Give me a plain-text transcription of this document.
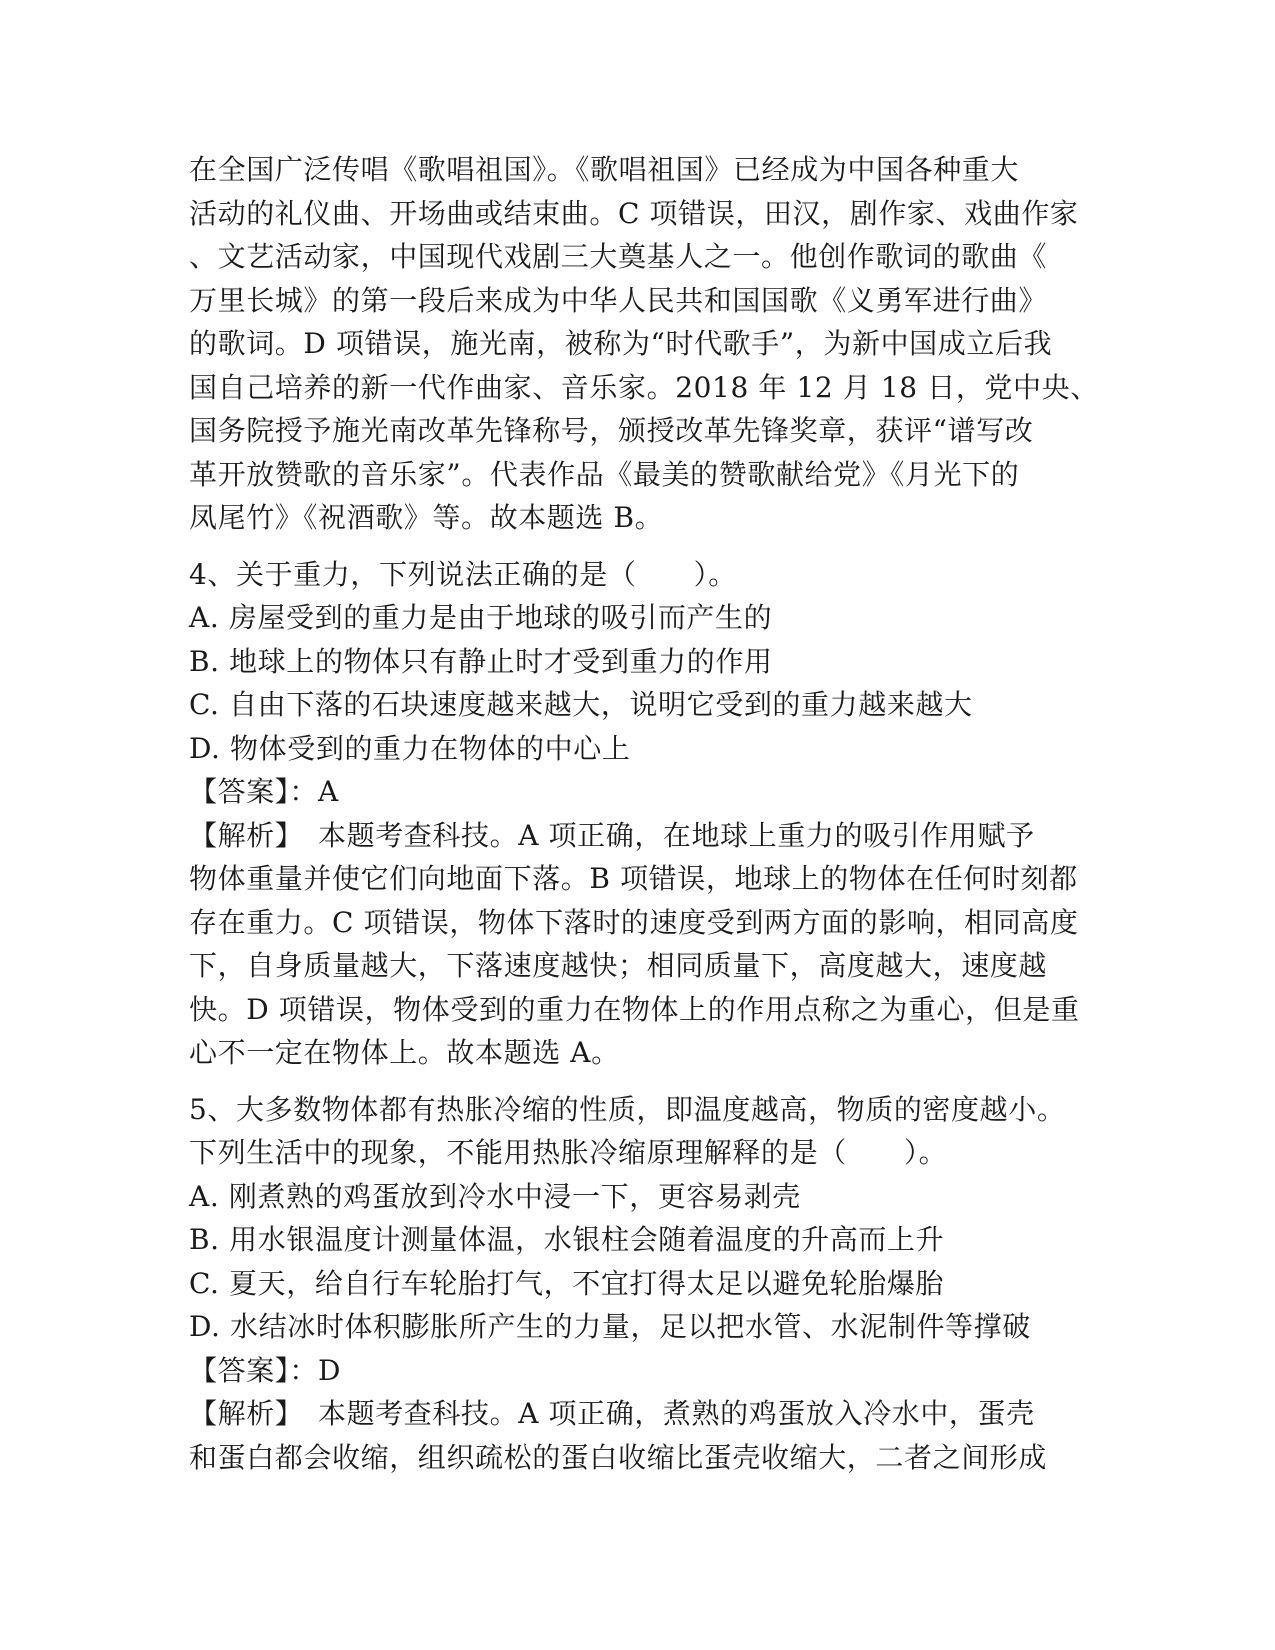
在全国广泛传唱《歌唱祖国》。《歌唱祖国》已经成为中国各种重大
活动的礼仪曲、开场曲或结束曲。C 项错误，田汉，剧作家、戏曲作家
、文艺活动家，中国现代戏剧三大奠基人之一。他创作歌词的歌曲《
万里长城》的第一段后来成为中华人民共和国国歌《义勇军进行曲》
的歌词。D 项错误，施光南，被称为“时代歌手”，为新中国成立后我
国自己培养的新一代作曲家、音乐家。2018 年 12 月 18 日，党中央、
国务院授予施光南改革先锋称号，颁授改革先锋奖章，获评“谱写改
革开放赞歌的音乐家”。代表作品《最美的赞歌献给党》《月光下的
凤尾竹》《祝酒歌》等。故本题选 B。
4、关于重力，下列说法正确的是（　　）。
A. 房屋受到的重力是由于地球的吸引而产生的
B. 地球上的物体只有静止时才受到重力的作用
C. 自由下落的石块速度越来越大，说明它受到的重力越来越大
D. 物体受到的重力在物体的中心上
【答案】：A
【解析】　本题考查科技。A 项正确，在地球上重力的吸引作用赋予
物体重量并使它们向地面下落。B 项错误，地球上的物体在任何时刻都
存在重力。C 项错误，物体下落时的速度受到两方面的影响，相同高度
下，自身质量越大，下落速度越快；相同质量下，高度越大，速度越
快。D 项错误，物体受到的重力在物体上的作用点称之为重心，但是重
心不一定在物体上。故本题选 A。
5、大多数物体都有热胀冷缩的性质，即温度越高，物质的密度越小。
下列生活中的现象，不能用热胀冷缩原理解释的是（　　）。
A. 刚煮熟的鸡蛋放到冷水中浸一下，更容易剥壳
B. 用水银温度计测量体温，水银柱会随着温度的升高而上升
C. 夏天，给自行车轮胎打气，不宜打得太足以避免轮胎爆胎
D. 水结冰时体积膨胀所产生的力量，足以把水管、水泥制件等撑破
【答案】：D
【解析】　本题考查科技。A 项正确，煮熟的鸡蛋放入冷水中，蛋壳
和蛋白都会收缩，组织疏松的蛋白收缩比蛋壳收缩大，二者之间形成
